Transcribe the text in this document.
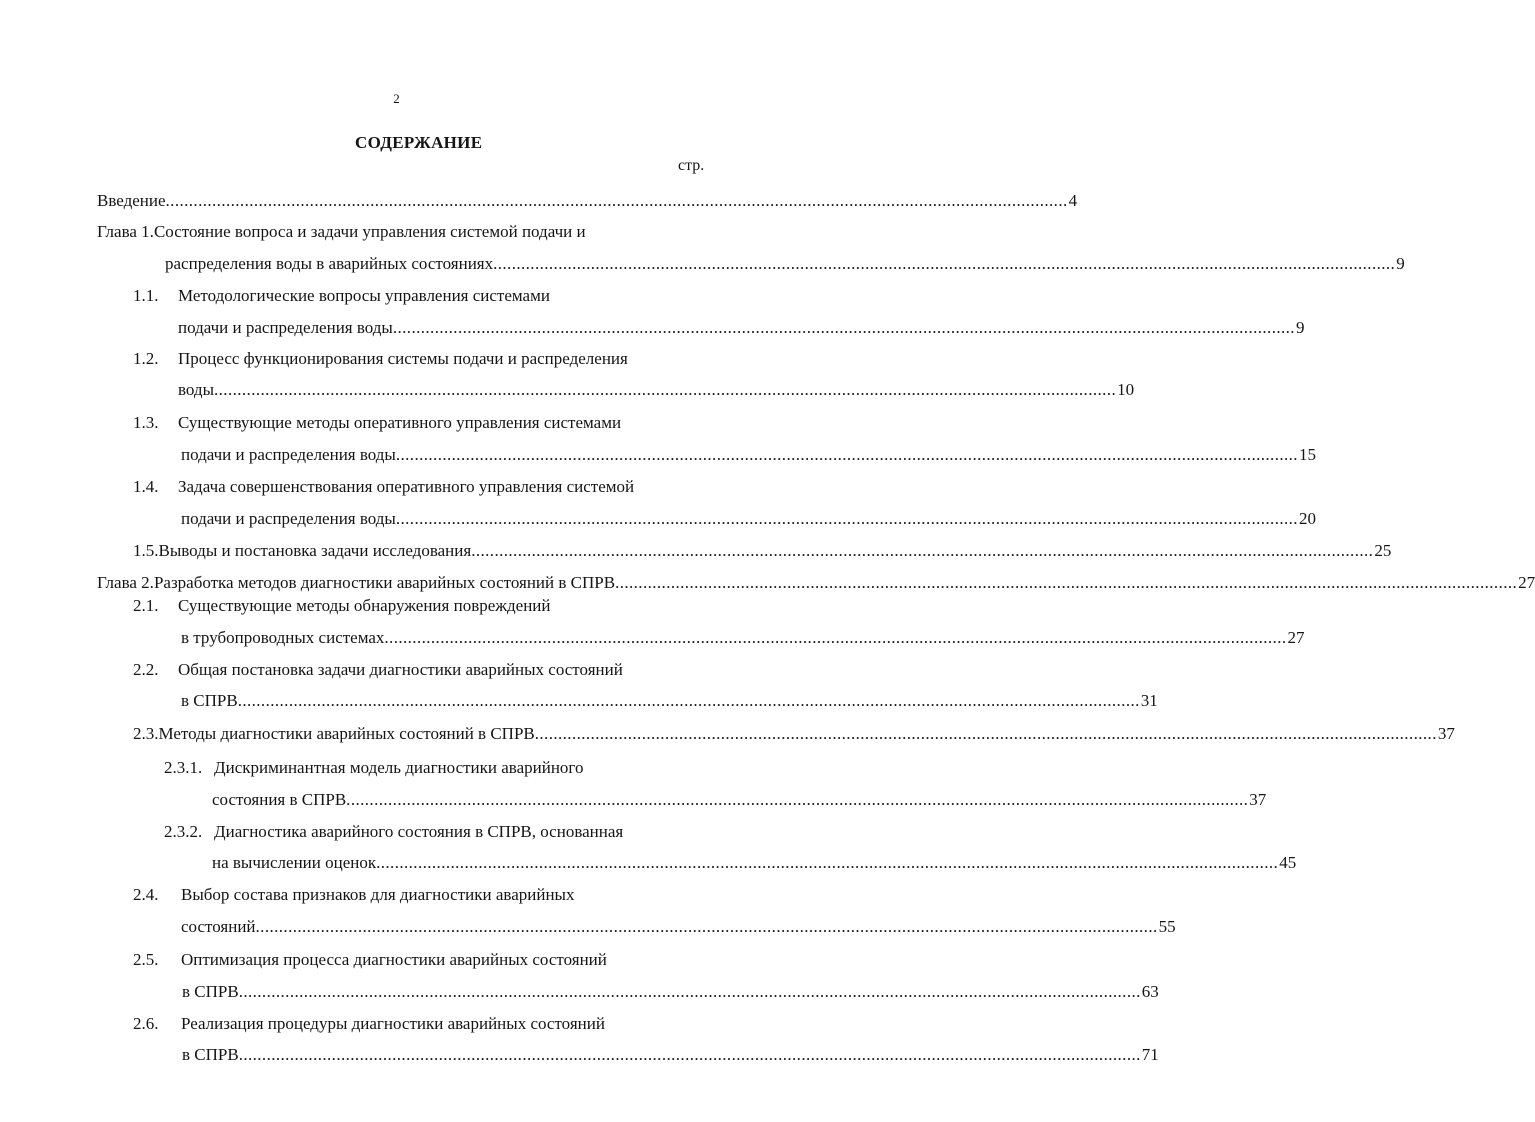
2
СОДЕРЖАНИЕ
стр.
Введение .................................................................................................................................................................................................. 4
Глава 1. Состояние вопроса и задачи управления системой подачи и
распределения воды в аварийных состояниях .................................................................................................................................................................................................. 9
1.1.	Методологические вопросы управления системами
подачи и распределения воды .................................................................................................................................................................................................. 9
1.2.	Процесс функционирования системы подачи и распределения
воды .................................................................................................................................................................................................. 10
1.3.	Существующие методы оперативного управления системами
подачи и распределения воды .................................................................................................................................................................................................. 15
1.4.	Задача совершенствования оперативного управления системой
подачи и распределения воды .................................................................................................................................................................................................. 20
1.5. Выводы и постановка задачи исследования .................................................................................................................................................................................................. 25
Глава 2. Разработка методов диагностики аварийных состояний в СПРВ .................................................................................................................................................................................................. 27
2.1.	Существующие методы обнаружения повреждений
в трубопроводных системах .................................................................................................................................................................................................. 27
2.2.	Общая постановка задачи диагностики аварийных состояний
в СПРВ .................................................................................................................................................................................................. 31
2.3. Методы диагностики аварийных состояний в СПРВ .................................................................................................................................................................................................. 37
2.3.1. Дискриминантная модель диагностики аварийного
состояния в СПРВ .................................................................................................................................................................................................. 37
2.3.2. Диагностика аварийного состояния в СПРВ, основанная
на вычислении оценок .................................................................................................................................................................................................. 45
2.4.	Выбор состава признаков для диагностики аварийных
состояний .................................................................................................................................................................................................. 55
2.5.	Оптимизация процесса диагностики аварийных состояний
в СПРВ .................................................................................................................................................................................................. 63
2.6.	Реализация процедуры диагностики аварийных состояний
в СПРВ .................................................................................................................................................................................................. 71
